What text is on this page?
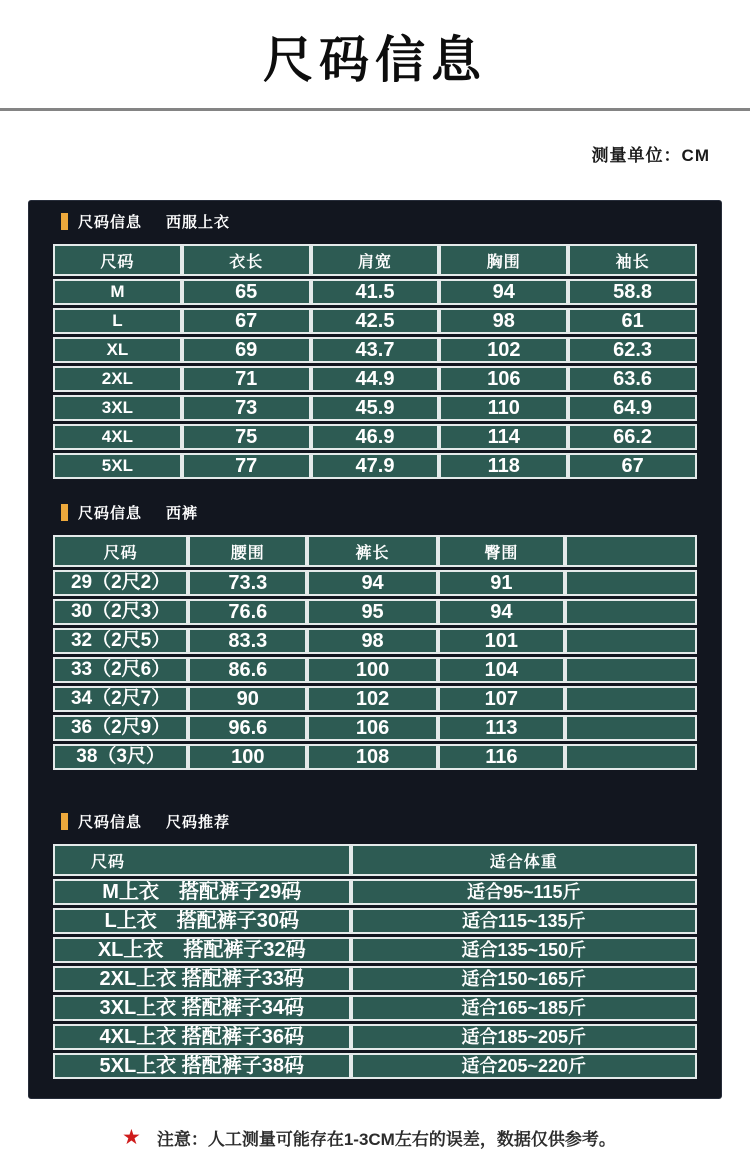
尺码信息
测量单位：CM
尺码信息 西服上衣
尺码	衣长	肩宽	胸围	袖长
M	65	41.5	94	58.8
L	67	42.5	98	61
XL	69	43.7	102	62.3
2XL	71	44.9	106	63.6
3XL	73	45.9	110	64.9
4XL	75	46.9	114	66.2
5XL	77	47.9	118	67
尺码信息 西裤
尺码	腰围	裤长	臀围	
29（2尺2）	73.3	94	91	
30（2尺3）	76.6	95	94	
32（2尺5）	83.3	98	101	
33（2尺6）	86.6	100	104	
34（2尺7）	90	102	107	
36（2尺9）	96.6	106	113	
38（3尺）	100	108	116	
尺码信息 尺码推荐
尺码	适合体重
M上衣　搭配裤子29码	适合95~115斤
L上衣　搭配裤子30码	适合115~135斤
XL上衣　搭配裤子32码	适合135~150斤
2XL上衣 搭配裤子33码	适合150~165斤
3XL上衣 搭配裤子34码	适合165~185斤
4XL上衣 搭配裤子36码	适合185~205斤
5XL上衣 搭配裤子38码	适合205~220斤
★ 注意：人工测量可能存在1-3CM左右的误差，数据仅供参考。
